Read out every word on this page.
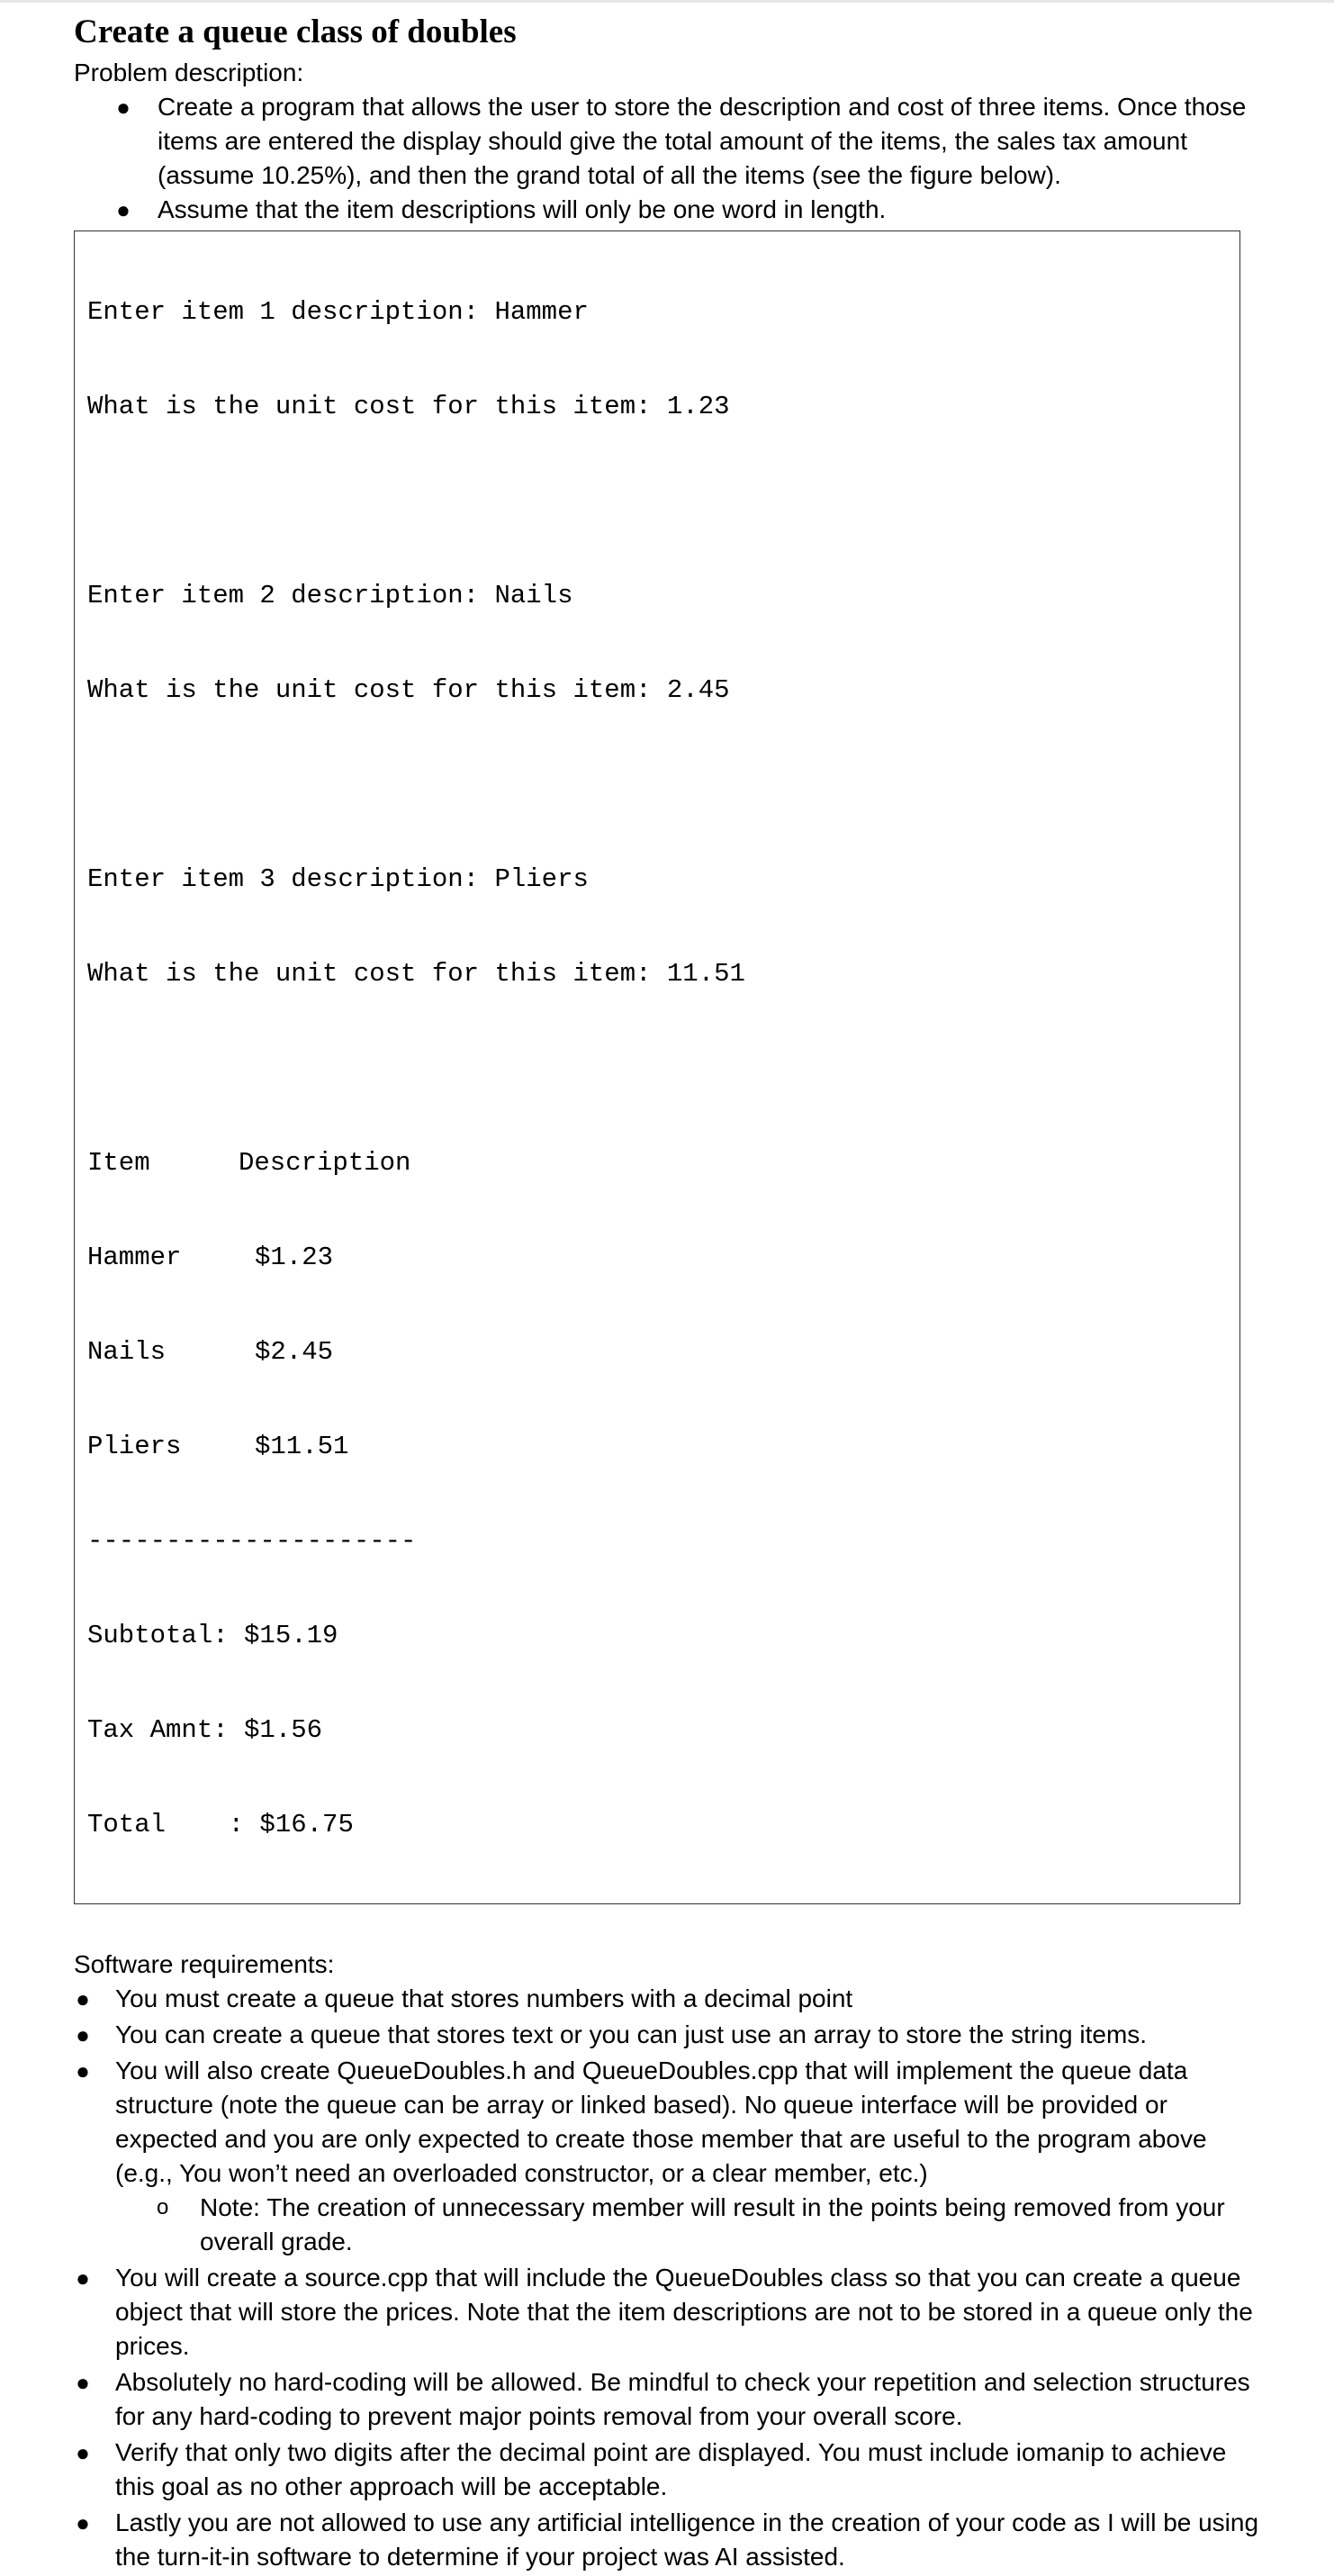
Create a queue class of doubles

Problem description:

● Create a program that allows the user to store the description and cost of three items. Once those items are entered the display should give the total amount of the items, the sales tax amount (assume 10.25%), and then the grand total of all the items (see the figure below).
● Assume that the item descriptions will only be one word in length.

Enter item 1 description: Hammer

What is the unit cost for this item: 1.23

Enter item 2 description: Nails

What is the unit cost for this item: 2.45

Enter item 3 description: Pliers

What is the unit cost for this item: 11.51

Item	Description

Hammer	$1.23

Nails	$2.45

Pliers	$11.51

---------------------

Subtotal: $15.19

Tax Amnt: $1.56

Total    : $16.75

Software requirements:

● You must create a queue that stores numbers with a decimal point
● You can create a queue that stores text or you can just use an array to store the string items.
● You will also create QueueDoubles.h and QueueDoubles.cpp that will implement the queue data structure (note the queue can be array or linked based). No queue interface will be provided or expected and you are only expected to create those member that are useful to the program above (e.g., You won’t need an overloaded constructor, or a clear member, etc.)
o Note: The creation of unnecessary member will result in the points being removed from your overall grade.
● You will create a source.cpp that will include the QueueDoubles class so that you can create a queue object that will store the prices. Note that the item descriptions are not to be stored in a queue only the prices.
● Absolutely no hard-coding will be allowed. Be mindful to check your repetition and selection structures for any hard-coding to prevent major points removal from your overall score.
● Verify that only two digits after the decimal point are displayed. You must include iomanip to achieve this goal as no other approach will be acceptable.
● Lastly you are not allowed to use any artificial intelligence in the creation of your code as I will be using the turn-it-in software to determine if your project was AI assisted.
